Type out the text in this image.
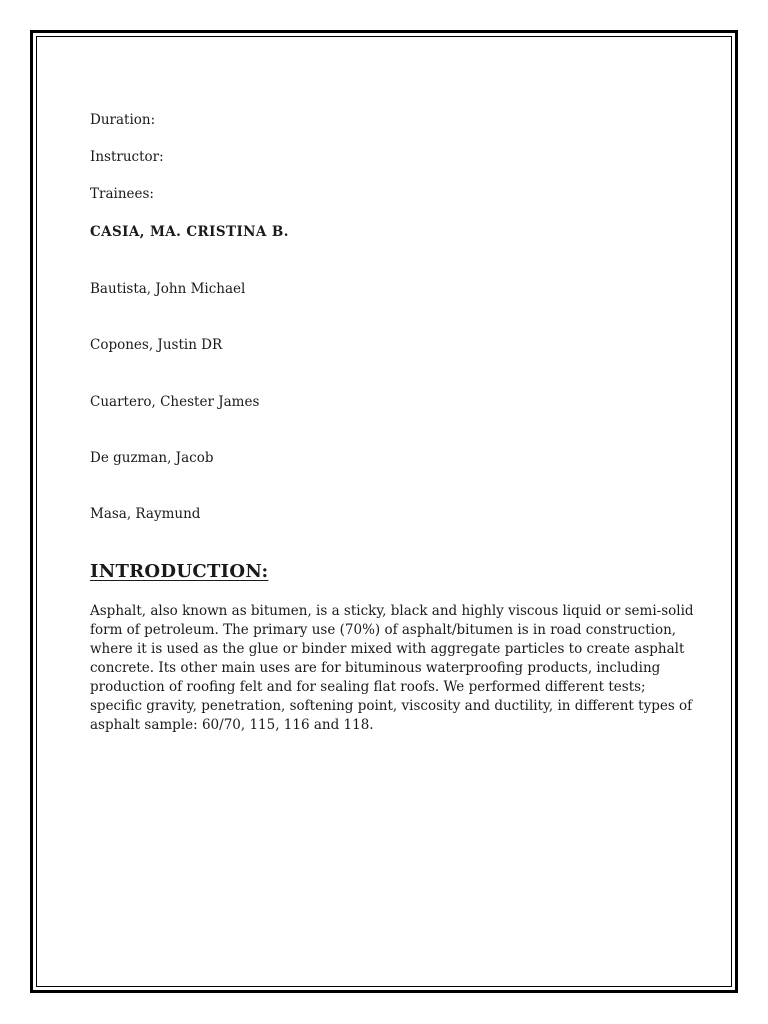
Duration:
Instructor:
Trainees:
CASIA, MA. CRISTINA B.
Bautista, John Michael
Copones, Justin DR
Cuartero, Chester James
De guzman, Jacob
Masa, Raymund
INTRODUCTION:

Asphalt, also known as bitumen, is a sticky, black and highly viscous liquid or semi-solid
form of petroleum. The primary use (70%) of asphalt/bitumen is in road construction,
where it is used as the glue or binder mixed with aggregate particles to create asphalt
concrete. Its other main uses are for bituminous waterproofing products, including
production of roofing felt and for sealing flat roofs. We performed different tests;
specific gravity, penetration, softening point, viscosity and ductility, in different types of
asphalt sample: 60/70, 115, 116 and 118.
